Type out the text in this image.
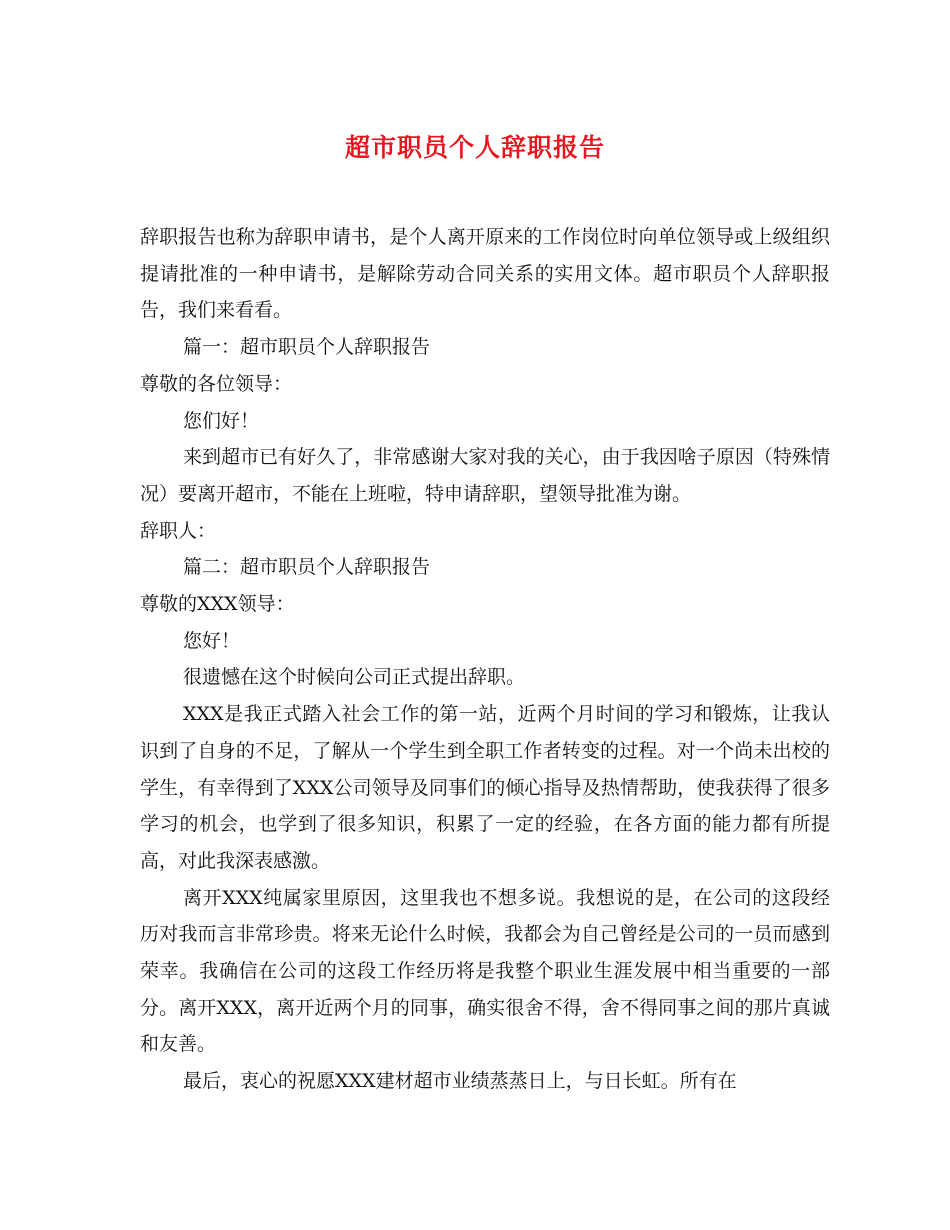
超市职员个人辞职报告

辞职报告也称为辞职申请书，是个人离开原来的工作岗位时向单位领导或上级组织提请批准的一种申请书，是解除劳动合同关系的实用文体。超市职员个人辞职报告，我们来看看。

篇一：超市职员个人辞职报告

尊敬的各位领导：

您们好！

来到超市已有好久了，非常感谢大家对我的关心，由于我因啥子原因（特殊情况）要离开超市，不能在上班啦，特申请辞职，望领导批准为谢。

辞职人：

篇二：超市职员个人辞职报告

尊敬的XXX领导：

您好！

很遗憾在这个时候向公司正式提出辞职。

XXX是我正式踏入社会工作的第一站，近两个月时间的学习和锻炼，让我认识到了自身的不足，了解从一个学生到全职工作者转变的过程。对一个尚未出校的学生，有幸得到了XXX公司领导及同事们的倾心指导及热情帮助，使我获得了很多学习的机会，也学到了很多知识，积累了一定的经验，在各方面的能力都有所提高，对此我深表感激。

离开XXX纯属家里原因，这里我也不想多说。我想说的是，在公司的这段经历对我而言非常珍贵。将来无论什么时候，我都会为自己曾经是公司的一员而感到荣幸。我确信在公司的这段工作经历将是我整个职业生涯发展中相当重要的一部分。离开XXX，离开近两个月的同事，确实很舍不得，舍不得同事之间的那片真诚和友善。

最后，衷心的祝愿XXX建材超市业绩蒸蒸日上，与日长虹。所有在
